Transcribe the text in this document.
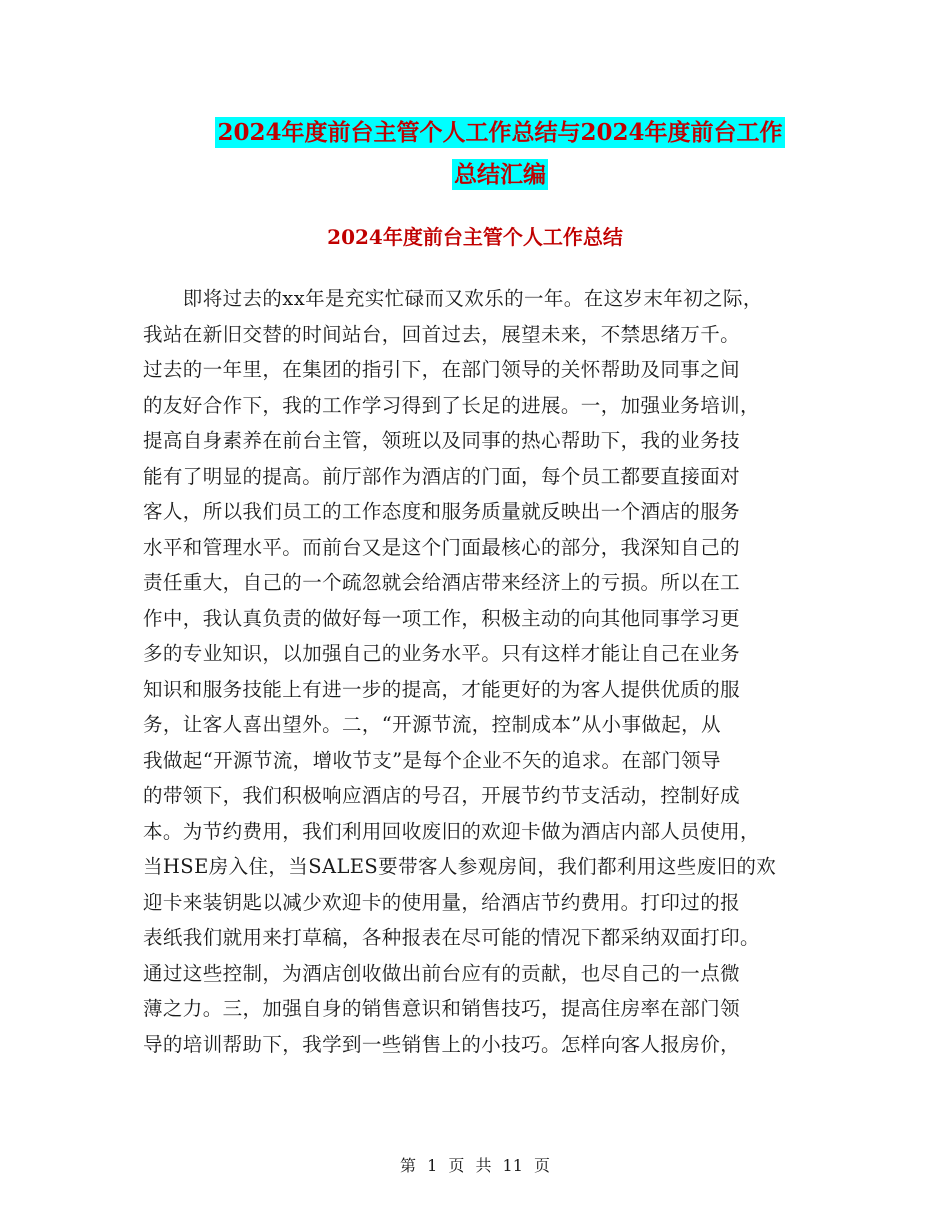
2024年度前台主管个人工作总结与2024年度前台工作
总结汇编
2024年度前台主管个人工作总结
　　即将过去的xx年是充实忙碌而又欢乐的一年。在这岁末年初之际，
我站在新旧交替的时间站台，回首过去，展望未来，不禁思绪万千。
过去的一年里，在集团的指引下，在部门领导的关怀帮助及同事之间
的友好合作下，我的工作学习得到了长足的进展。一，加强业务培训，
提高自身素养在前台主管，领班以及同事的热心帮助下，我的业务技
能有了明显的提高。前厅部作为酒店的门面，每个员工都要直接面对
客人，所以我们员工的工作态度和服务质量就反映出一个酒店的服务
水平和管理水平。而前台又是这个门面最核心的部分，我深知自己的
责任重大，自己的一个疏忽就会给酒店带来经济上的亏损。所以在工
作中，我认真负责的做好每一项工作，积极主动的向其他同事学习更
多的专业知识，以加强自己的业务水平。只有这样才能让自己在业务
知识和服务技能上有进一步的提高，才能更好的为客人提供优质的服
务，让客人喜出望外。二，“开源节流，控制成本”从小事做起，从
我做起“开源节流，增收节支”是每个企业不矢的追求。在部门领导
的带领下，我们积极响应酒店的号召，开展节约节支活动，控制好成
本。为节约费用，我们利用回收废旧的欢迎卡做为酒店内部人员使用，
当HSE房入住，当SALES要带客人参观房间，我们都利用这些废旧的欢
迎卡来装钥匙以减少欢迎卡的使用量，给酒店节约费用。打印过的报
表纸我们就用来打草稿，各种报表在尽可能的情况下都采纳双面打印。
通过这些控制，为酒店创收做出前台应有的贡献，也尽自己的一点微
薄之力。三，加强自身的销售意识和销售技巧，提高住房率在部门领
导的培训帮助下，我学到一些销售上的小技巧。怎样向客人报房价，
第 1 页 共 11 页
